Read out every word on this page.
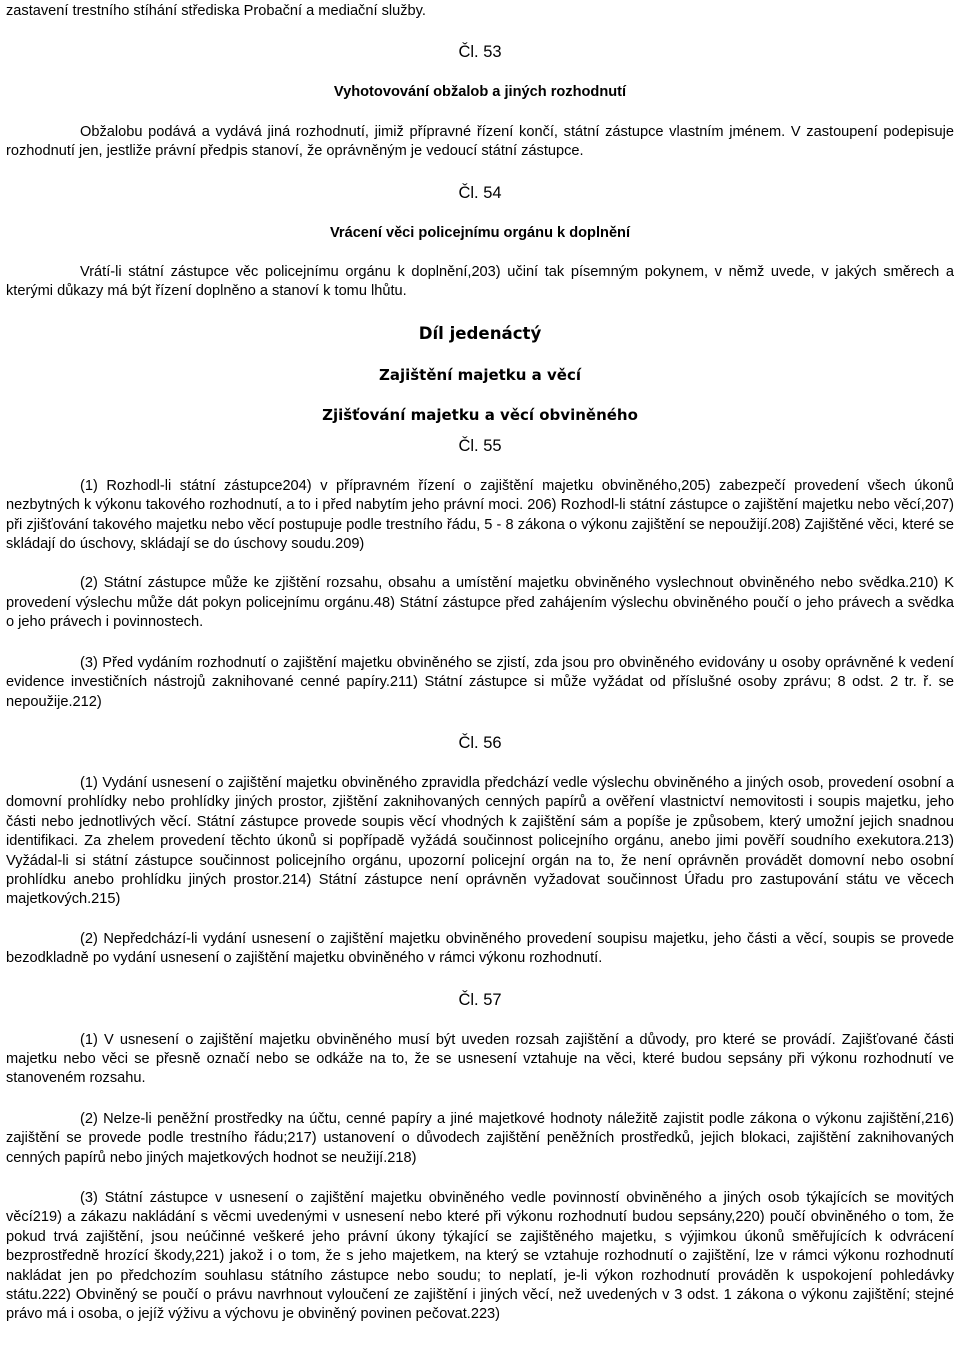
zastavení trestního stíhání střediska Probační a mediační služby.

Čl. 53

Vyhotovování obžalob a jiných rozhodnutí

Obžalobu podává a vydává jiná rozhodnutí, jimiž přípravné řízení končí, státní zástupce vlastním jménem. V zastoupení podepisuje rozhodnutí jen, jestliže právní předpis stanoví, že oprávněným je vedoucí státní zástupce.

Čl. 54

Vrácení věci policejnímu orgánu k doplnění

Vrátí-li státní zástupce věc policejnímu orgánu k doplnění,203) učiní tak písemným pokynem, v němž uvede, v jakých směrech a kterými důkazy má být řízení doplněno a stanoví k tomu lhůtu.

Díl jedenáctý

Zajištění majetku a věcí

Zjišťování majetku a věcí obviněného

Čl. 55

(1) Rozhodl-li státní zástupce204) v přípravném řízení o zajištění majetku obviněného,205) zabezpečí provedení všech úkonů nezbytných k výkonu takového rozhodnutí, a to i před nabytím jeho právní moci. 206) Rozhodl-li státní zástupce o zajištění majetku nebo věcí,207) při zjišťování takového majetku nebo věcí postupuje podle trestního řádu, 5 - 8 zákona o výkonu zajištění se nepoužijí.208) Zajištěné věci, které se skládají do úschovy, skládají se do úschovy soudu.209)

(2) Státní zástupce může ke zjištění rozsahu, obsahu a umístění majetku obviněného vyslechnout obviněného nebo svědka.210) K provedení výslechu může dát pokyn policejnímu orgánu.48) Státní zástupce před zahájením výslechu obviněného poučí o jeho právech a svědka o jeho právech i povinnostech.

(3) Před vydáním rozhodnutí o zajištění majetku obviněného se zjistí, zda jsou pro obviněného evidovány u osoby oprávněné k vedení evidence investičních nástrojů zaknihované cenné papíry.211) Státní zástupce si může vyžádat od příslušné osoby zprávu; 8 odst. 2 tr. ř. se nepoužije.212)

Čl. 56

(1) Vydání usnesení o zajištění majetku obviněného zpravidla předchází vedle výslechu obviněného a jiných osob, provedení osobní a domovní prohlídky nebo prohlídky jiných prostor, zjištění zaknihovaných cenných papírů a ověření vlastnictví nemovitosti i soupis majetku, jeho části nebo jednotlivých věcí. Státní zástupce provede soupis věcí vhodných k zajištění sám a popíše je způsobem, který umožní jejich snadnou identifikaci. Za zhelem provedení těchto úkonů si popřípadě vyžádá součinnost policejního orgánu, anebo jimi pověří soudního exekutora.213) Vyžádal-li si státní zástupce součinnost policejního orgánu, upozorní policejní orgán na to, že není oprávněn provádět domovní nebo osobní prohlídku anebo prohlídku jiných prostor.214) Státní zástupce není oprávněn vyžadovat součinnost Úřadu pro zastupování státu ve věcech majetkových.215)

(2) Nepředchází-li vydání usnesení o zajištění majetku obviněného provedení soupisu majetku, jeho části a věcí, soupis se provede bezodkladně po vydání usnesení o zajištění majetku obviněného v rámci výkonu rozhodnutí.

Čl. 57

(1) V usnesení o zajištění majetku obviněného musí být uveden rozsah zajištění a důvody, pro které se provádí. Zajišťované části majetku nebo věci se přesně označí nebo se odkáže na to, že se usnesení vztahuje na věci, které budou sepsány při výkonu rozhodnutí ve stanoveném rozsahu.

(2) Nelze-li peněžní prostředky na účtu, cenné papíry a jiné majetkové hodnoty náležitě zajistit podle zákona o výkonu zajištění,216) zajištění se provede podle trestního řádu;217) ustanovení o důvodech zajištění peněžních prostředků, jejich blokaci, zajištění zaknihovaných cenných papírů nebo jiných majetkových hodnot se neužijí.218)

(3) Státní zástupce v usnesení o zajištění majetku obviněného vedle povinností obviněného a jiných osob týkajících se movitých věcí219) a zákazu nakládání s věcmi uvedenými v usnesení nebo které při výkonu rozhodnutí budou sepsány,220) poučí obviněného o tom, že pokud trvá zajištění, jsou neúčinné veškeré jeho právní úkony týkající se zajištěného majetku, s výjimkou úkonů směřujících k odvrácení bezprostředně hrozící škody,221) jakož i o tom, že s jeho majetkem, na který se vztahuje rozhodnutí o zajištění, lze v rámci výkonu rozhodnutí nakládat jen po předchozím souhlasu státního zástupce nebo soudu; to neplatí, je-li výkon rozhodnutí prováděn k uspokojení pohledávky státu.222) Obviněný se poučí o právu navrhnout vyloučení ze zajištění i jiných věcí, než uvedených v 3 odst. 1 zákona o výkonu zajištění; stejné právo má i osoba, o jejíž výživu a výchovu je obviněný povinen pečovat.223)
